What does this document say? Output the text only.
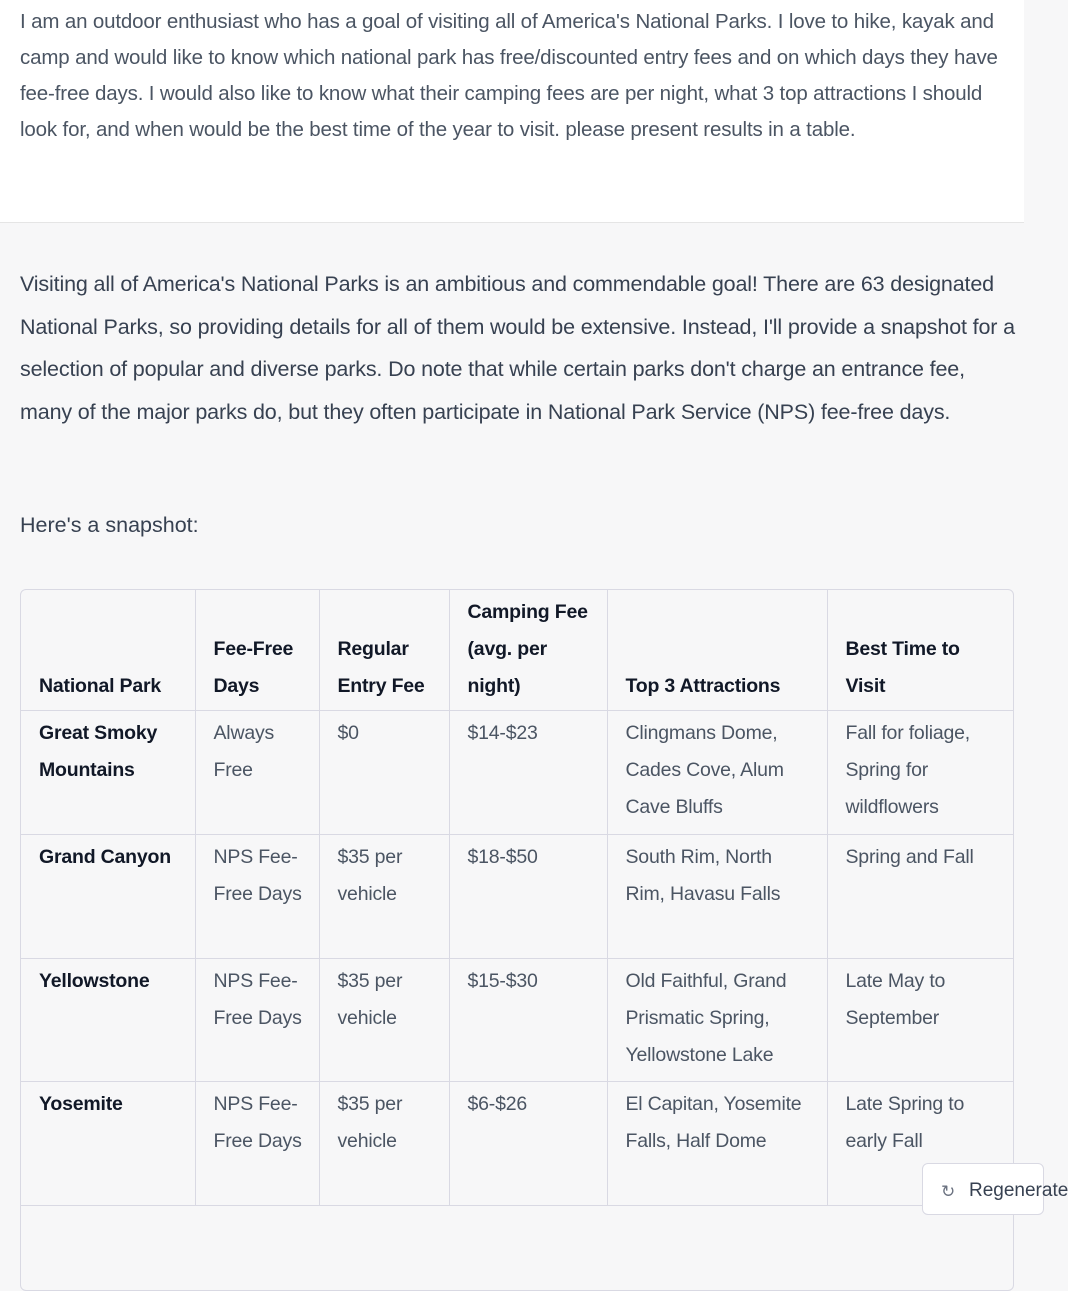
I am an outdoor enthusiast who has a goal of visiting all of America's National Parks. I love to hike, kayak and camp and would like to know which national park has free/discounted entry fees and on which days they have fee-free days. I would also like to know what their camping fees are per night, what 3 top attractions I should look for, and when would be the best time of the year to visit. please present results in a table.
Visiting all of America's National Parks is an ambitious and commendable goal! There are 63 designated National Parks, so providing details for all of them would be extensive. Instead, I'll provide a snapshot for a selection of popular and diverse parks. Do note that while certain parks don't charge an entrance fee, many of the major parks do, but they often participate in National Park Service (NPS) fee-free days.
Here's a snapshot:
National Park	Fee-Free Days	Regular Entry Fee	Camping Fee (avg. per night)	Top 3 Attractions	Best Time to Visit
Great Smoky Mountains	Always Free	$0	$14-$23	Clingmans Dome, Cades Cove, Alum Cave Bluffs	Fall for foliage, Spring for wildflowers
Grand Canyon	NPS Fee-Free Days	$35 per vehicle	$18-$50	South Rim, North Rim, Havasu Falls	Spring and Fall
Yellowstone	NPS Fee-Free Days	$35 per vehicle	$15-$30	Old Faithful, Grand Prismatic Spring, Yellowstone Lake	Late May to September
Yosemite	NPS Fee-Free Days	$35 per vehicle	$6-$26	El Capitan, Yosemite Falls, Half Dome	Late Spring to early Fall
↻ Regenerate
